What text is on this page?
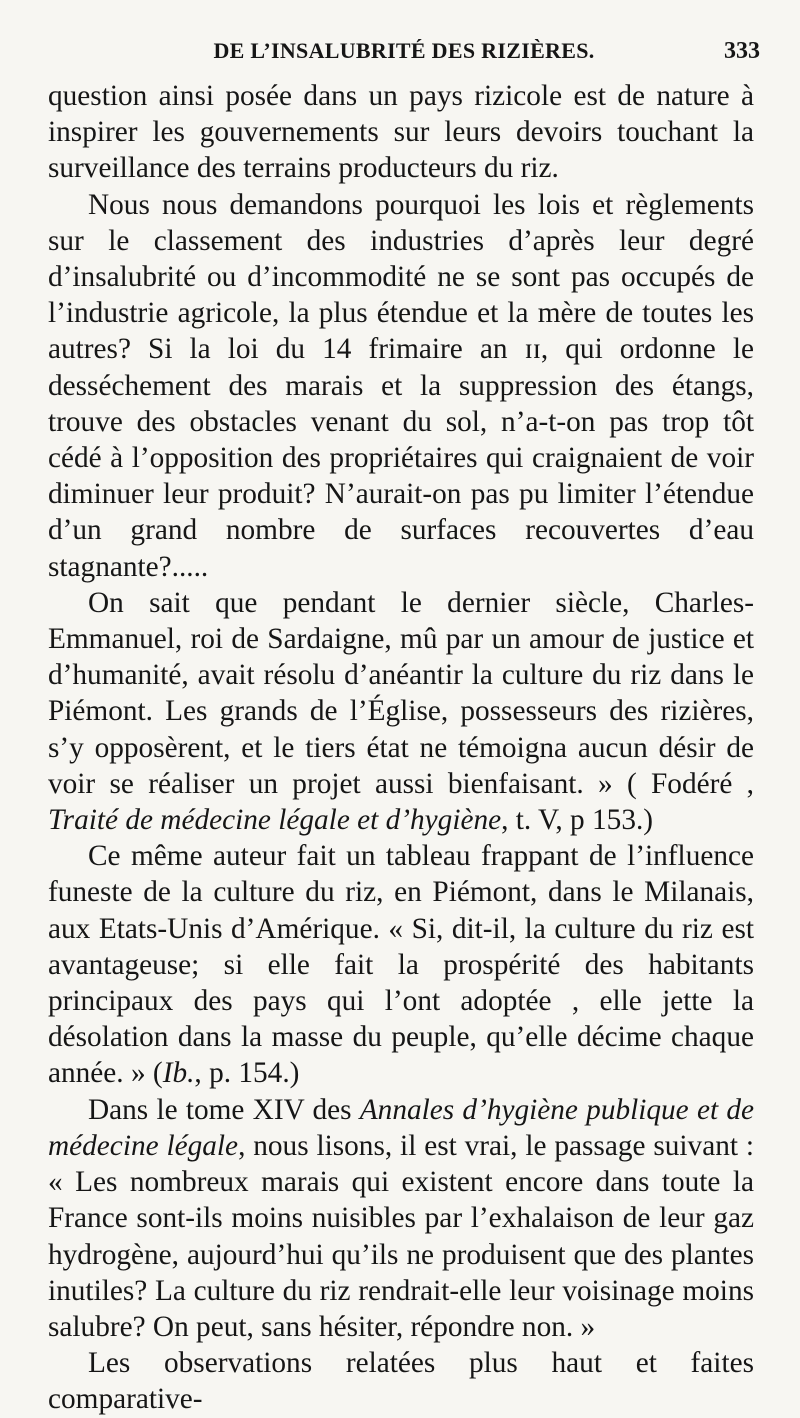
DE L’INSALUBRITÉ DES RIZIÈRES.	333

question ainsi posée dans un pays rizicole est de nature à inspirer les gouvernements sur leurs devoirs touchant la surveillance des terrains producteurs du riz.

Nous nous demandons pourquoi les lois et règlements sur le classement des industries d’après leur degré d’insalubrité ou d’incommodité ne se sont pas occupés de l’industrie agricole, la plus étendue et la mère de toutes les autres? Si la loi du 14 frimaire an ɪɪ, qui ordonne le desséchement des marais et la suppression des étangs, trouve des obstacles venant du sol, n’a-t-on pas trop tôt cédé à l’opposition des propriétaires qui craignaient de voir diminuer leur produit? N’aurait-on pas pu limiter l’étendue d’un grand nombre de surfaces recouvertes d’eau stagnante?.....

On sait que pendant le dernier siècle, Charles-Emmanuel, roi de Sardaigne, mû par un amour de justice et d’humanité, avait résolu d’anéantir la culture du riz dans le Piémont. Les grands de l’Église, possesseurs des rizières, s’y opposèrent, et le tiers état ne témoigna aucun désir de voir se réaliser un projet aussi bienfaisant. » ( Fodéré , Traité de médecine légale et d’hygiène, t. V, p 153.)

Ce même auteur fait un tableau frappant de l’influence funeste de la culture du riz, en Piémont, dans le Milanais, aux Etats-Unis d’Amérique. « Si, dit-il, la culture du riz est avantageuse; si elle fait la prospérité des habitants principaux des pays qui l’ont adoptée , elle jette la désolation dans la masse du peuple, qu’elle décime chaque année. » (Ib., p. 154.)

Dans le tome XIV des Annales d’hygiène publique et de médecine légale, nous lisons, il est vrai, le passage suivant : « Les nombreux marais qui existent encore dans toute la France sont-ils moins nuisibles par l’exhalaison de leur gaz hydrogène, aujourd’hui qu’ils ne produisent que des plantes inutiles? La culture du riz rendrait-elle leur voisinage moins salubre? On peut, sans hésiter, répondre non. »

Les observations relatées plus haut et faites comparative-
